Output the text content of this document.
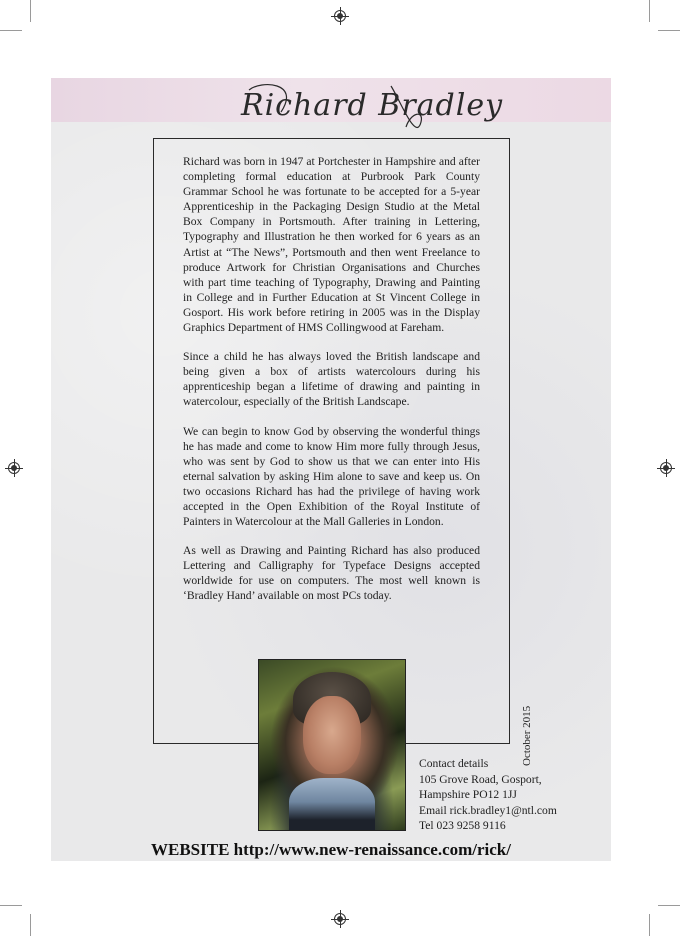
Richard Bradley

Richard was born in 1947 at Portchester in Hampshire and after completing formal education at Purbrook Park County Grammar School he was fortunate to be accepted for a 5-year Apprenticeship in the Packaging Design Studio at the Metal Box Company in Portsmouth. After training in Lettering, Typography and Illustration he then worked for 6 years as an Artist at “The News”, Portsmouth and then went Freelance to produce Artwork for Christian Organisations and Churches with part time teaching of Typography, Drawing and Painting in College and in Further Education at St Vincent College in Gosport. His work before retiring in 2005 was in the Display Graphics Department of HMS Collingwood at Fareham.

Since a child he has always loved the British landscape and being given a box of artists watercolours during his apprenticeship began a lifetime of drawing and painting in watercolour, especially of the British Landscape.

We can begin to know God by observing the wonderful things he has made and come to know Him more fully through Jesus, who was sent by God to show us that we can enter into His eternal salvation by asking Him alone to save and keep us. On two occasions Richard has had the privilege of having work accepted in the Open Exhibition of the Royal Institute of Painters in Watercolour at the Mall Galleries in London.

As well as Drawing and Painting Richard has also produced Lettering and Calligraphy for Typeface Designs accepted worldwide for use on computers. The most well known is ‘Bradley Hand’ available on most PCs today.

October 2015
Contact details
105 Grove Road, Gosport,
Hampshire PO12 1JJ
Email rick.bradley1@ntl.com
Tel 023 9258 9116
WEBSITE http://www.new-renaissance.com/rick/
